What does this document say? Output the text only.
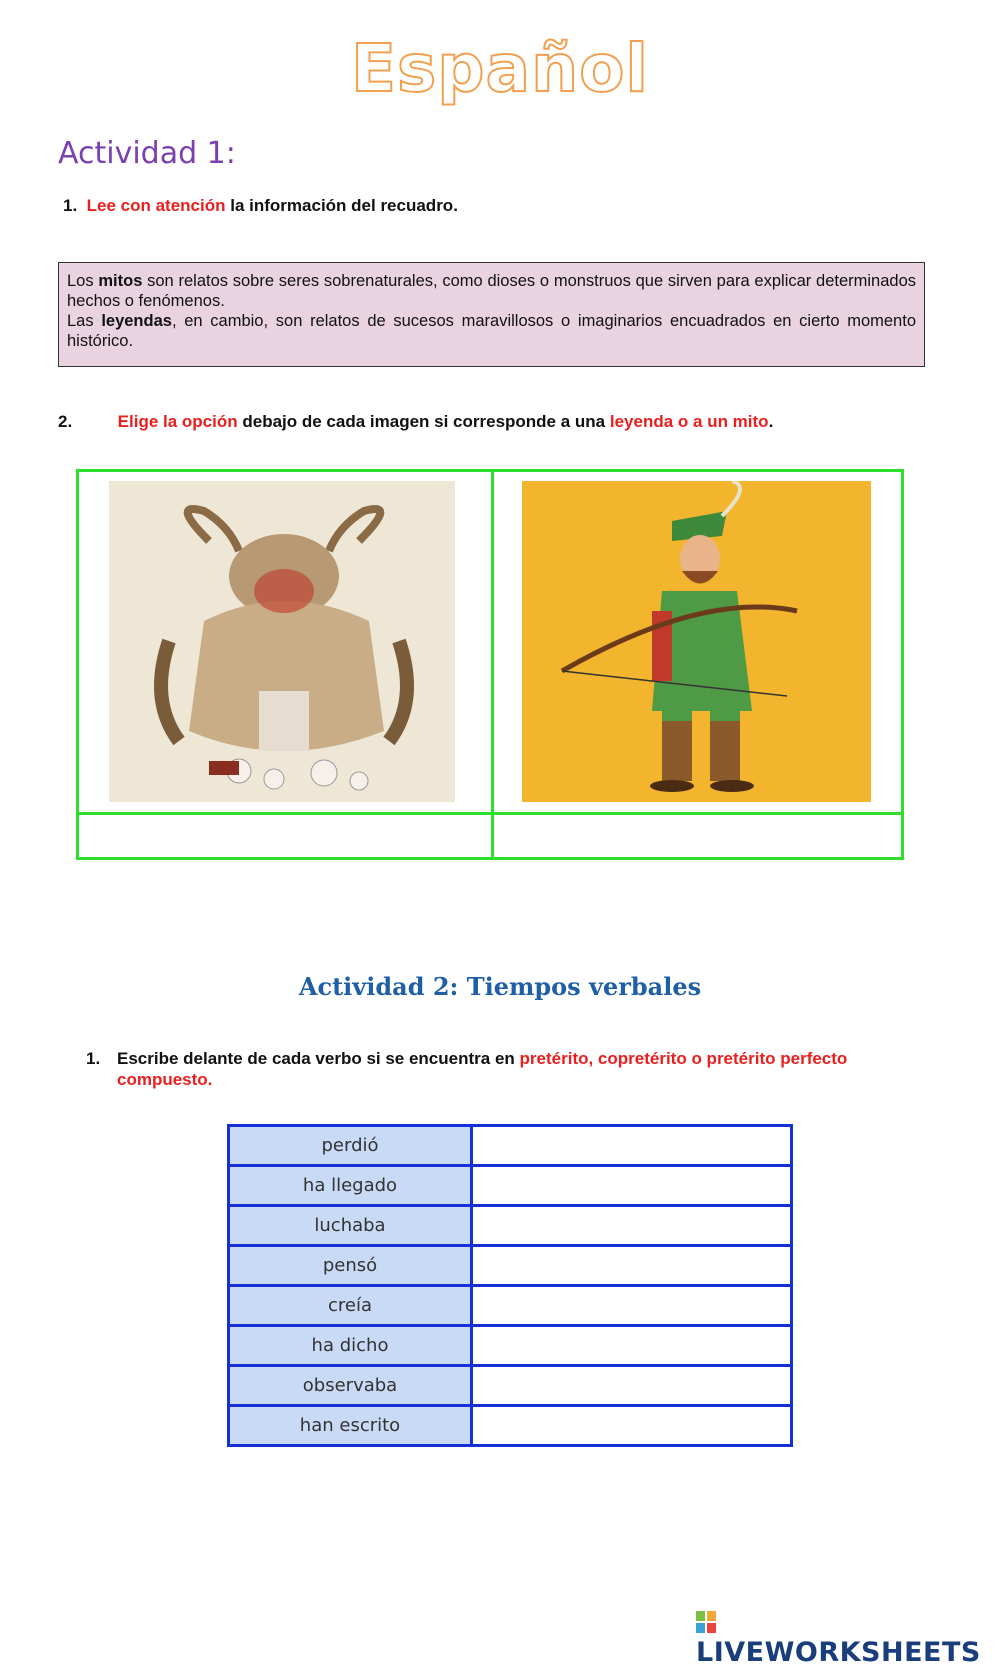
Español
Actividad 1:
1. Lee con atención la información del recuadro.

Los mitos son relatos sobre seres sobrenaturales, como dioses o monstruos que sirven para explicar determinados hechos o fenómenos.

Las leyendas, en cambio, son relatos de sucesos maravillosos o imaginarios encuadrados en cierto momento histórico.

2.	Elige la opción debajo de cada imagen si corresponde a una leyenda o a un mito.
Actividad 2: Tiempos verbales
1. Escribe delante de cada verbo si se encuentra en pretérito, copretérito o pretérito perfecto compuesto.
perdió	
ha llegado	
luchaba	
pensó	
creía	
ha dicho	
observaba	
han escrito	
LIVEWORKSHEETS
